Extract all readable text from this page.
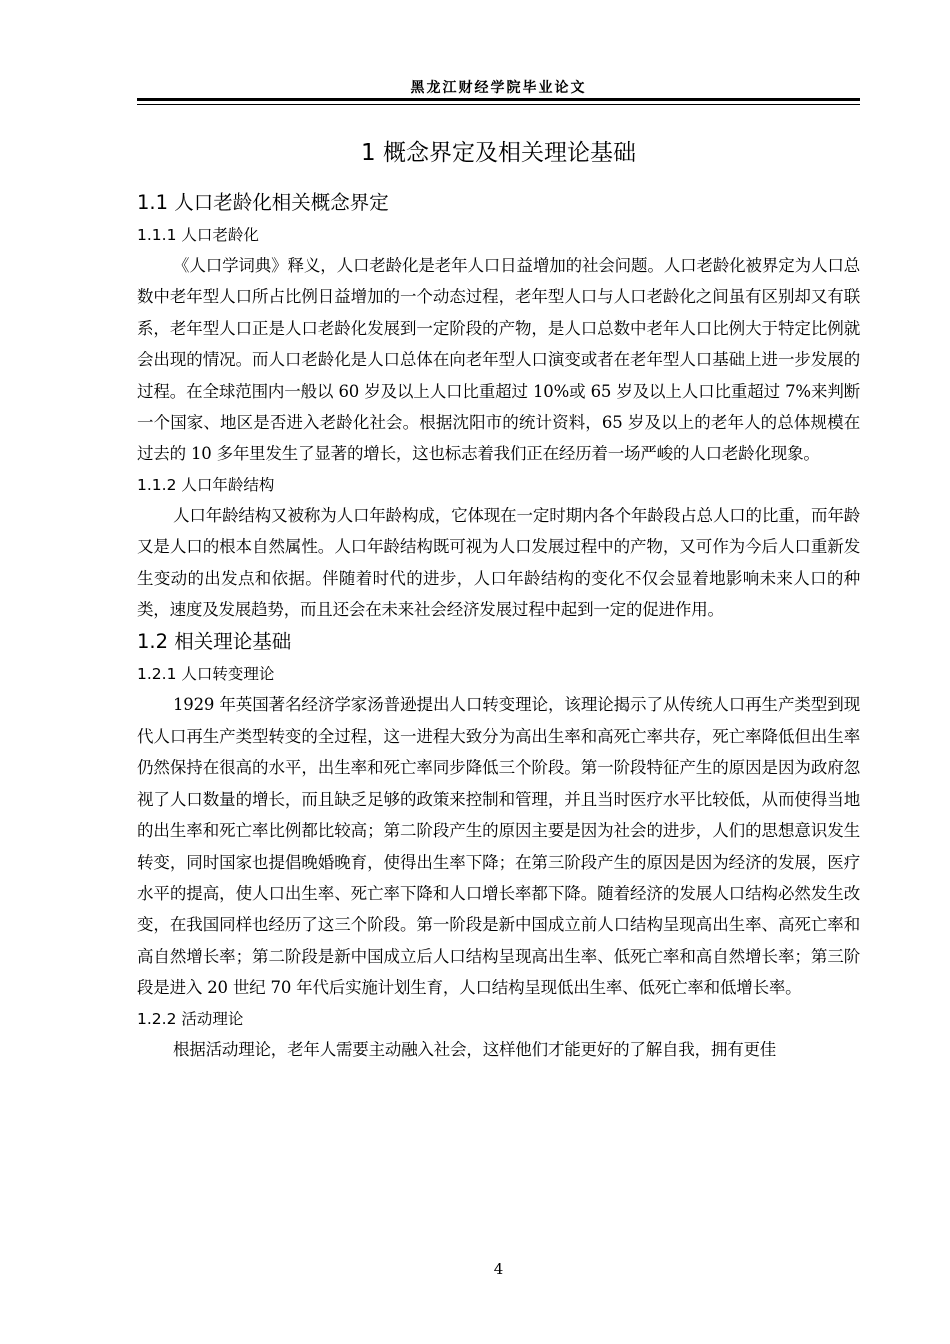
黑龙江财经学院毕业论文
1 概念界定及相关理论基础
1.1 人口老龄化相关概念界定
1.1.1 人口老龄化

《人口学词典》释义，人口老龄化是老年人口日益增加的社会问题。人口老龄化被界定为人口总数中老年型人口所占比例日益增加的一个动态过程，老年型人口与人口老龄化之间虽有区别却又有联系，老年型人口正是人口老龄化发展到一定阶段的产物，是人口总数中老年人口比例大于特定比例就会出现的情况。而人口老龄化是人口总体在向老年型人口演变或者在老年型人口基础上进一步发展的过程。在全球范围内一般以 60 岁及以上人口比重超过 10%或 65 岁及以上人口比重超过 7%来判断一个国家、地区是否进入老龄化社会。根据沈阳市的统计资料，65 岁及以上的老年人的总体规模在过去的 10 多年里发生了显著的增长，这也标志着我们正在经历着一场严峻的人口老龄化现象。

1.1.2 人口年龄结构

人口年龄结构又被称为人口年龄构成，它体现在一定时期内各个年龄段占总人口的比重，而年龄又是人口的根本自然属性。人口年龄结构既可视为人口发展过程中的产物，又可作为今后人口重新发生变动的出发点和依据。伴随着时代的进步，人口年龄结构的变化不仅会显着地影响未来人口的种类，速度及发展趋势，而且还会在未来社会经济发展过程中起到一定的促进作用。

1.2 相关理论基础
1.2.1 人口转变理论

1929 年英国著名经济学家汤普逊提出人口转变理论，该理论揭示了从传统人口再生产类型到现代人口再生产类型转变的全过程，这一进程大致分为高出生率和高死亡率共存，死亡率降低但出生率仍然保持在很高的水平，出生率和死亡率同步降低三个阶段。第一阶段特征产生的原因是因为政府忽视了人口数量的增长，而且缺乏足够的政策来控制和管理，并且当时医疗水平比较低，从而使得当地的出生率和死亡率比例都比较高；第二阶段产生的原因主要是因为社会的进步，人们的思想意识发生转变，同时国家也提倡晚婚晚育，使得出生率下降；在第三阶段产生的原因是因为经济的发展，医疗水平的提高，使人口出生率、死亡率下降和人口增长率都下降。随着经济的发展人口结构必然发生改变，在我国同样也经历了这三个阶段。第一阶段是新中国成立前人口结构呈现高出生率、高死亡率和高自然增长率；第二阶段是新中国成立后人口结构呈现高出生率、低死亡率和高自然增长率；第三阶段是进入 20 世纪 70 年代后实施计划生育，人口结构呈现低出生率、低死亡率和低增长率。

1.2.2 活动理论

根据活动理论，老年人需要主动融入社会，这样他们才能更好的了解自我，拥有更佳

4
